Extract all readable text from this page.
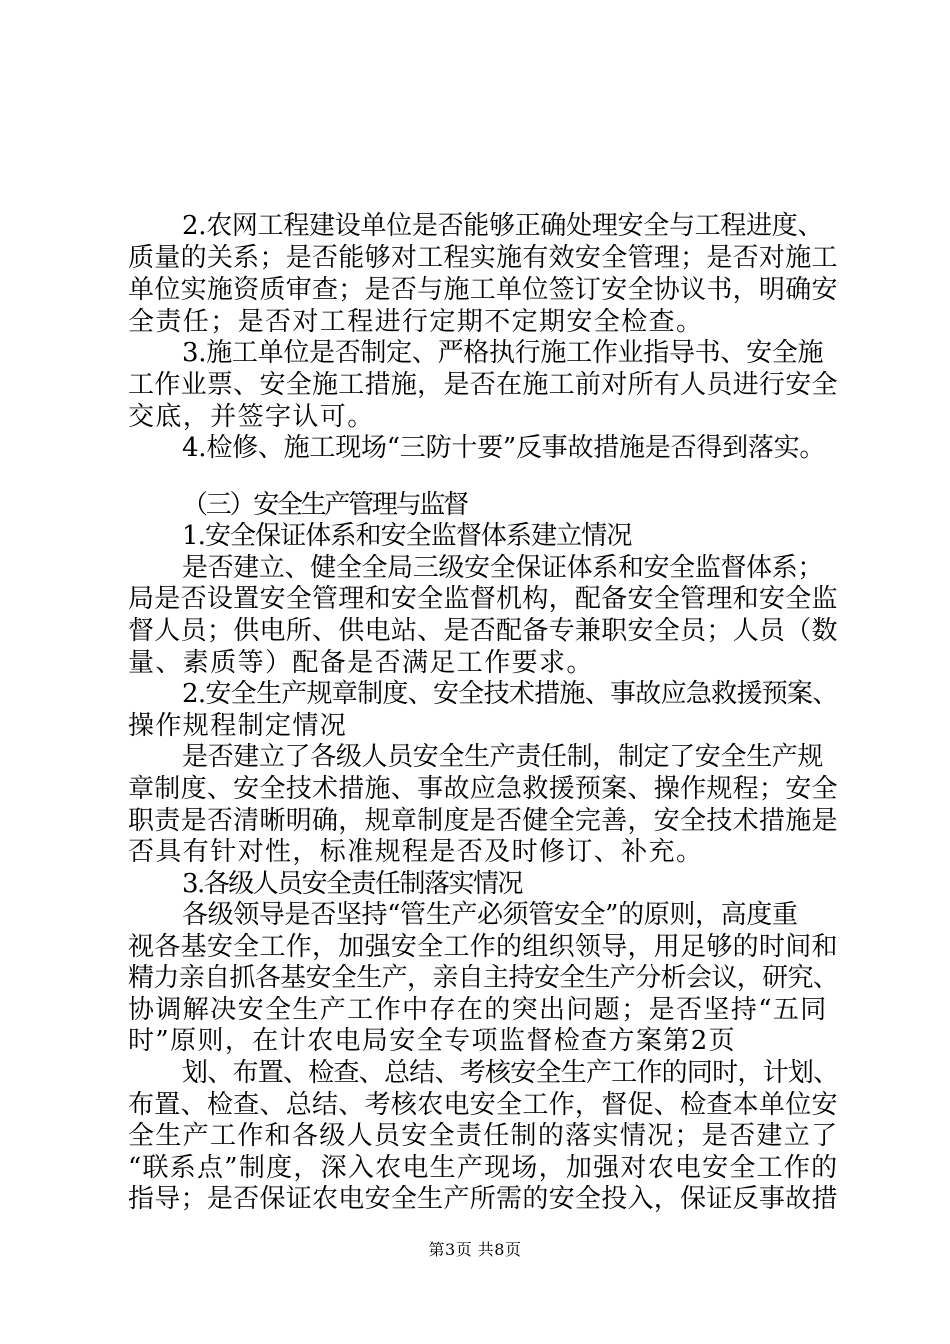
2.农网工程建设单位是否能够正确处理安全与工程进度、
质量的关系；是否能够对工程实施有效安全管理；是否对施工
单位实施资质审查；是否与施工单位签订安全协议书，明确安
全责任；是否对工程进行定期不定期安全检查。
3.施工单位是否制定、严格执行施工作业指导书、安全施
工作业票、安全施工措施，是否在施工前对所有人员进行安全
交底，并签字认可。
4.检修、施工现场“三防十要”反事故措施是否得到落实。
（三）安全生产管理与监督
1.安全保证体系和安全监督体系建立情况
是否建立、健全全局三级安全保证体系和安全监督体系；
局是否设置安全管理和安全监督机构，配备安全管理和安全监
督人员；供电所、供电站、是否配备专兼职安全员；人员（数
量、素质等）配备是否满足工作要求。
2.安全生产规章制度、安全技术措施、事故应急救援预案、
操作规程制定情况
是否建立了各级人员安全生产责任制，制定了安全生产规
章制度、安全技术措施、事故应急救援预案、操作规程；安全
职责是否清晰明确，规章制度是否健全完善，安全技术措施是
否具有针对性，标准规程是否及时修订、补充。
3.各级人员安全责任制落实情况
各级领导是否坚持“管生产必须管安全”的原则，高度重
视各基安全工作，加强安全工作的组织领导，用足够的时间和
精力亲自抓各基安全生产，亲自主持安全生产分析会议，研究、
协调解决安全生产工作中存在的突出问题；是否坚持“五同
时”原则，在计农电局安全专项监督检查方案第2页
划、布置、检查、总结、考核安全生产工作的同时，计划、
布置、检查、总结、考核农电安全工作，督促、检查本单位安
全生产工作和各级人员安全责任制的落实情况；是否建立了
“联系点”制度，深入农电生产现场，加强对农电安全工作的
指导；是否保证农电安全生产所需的安全投入，保证反事故措
第3页 共8页
